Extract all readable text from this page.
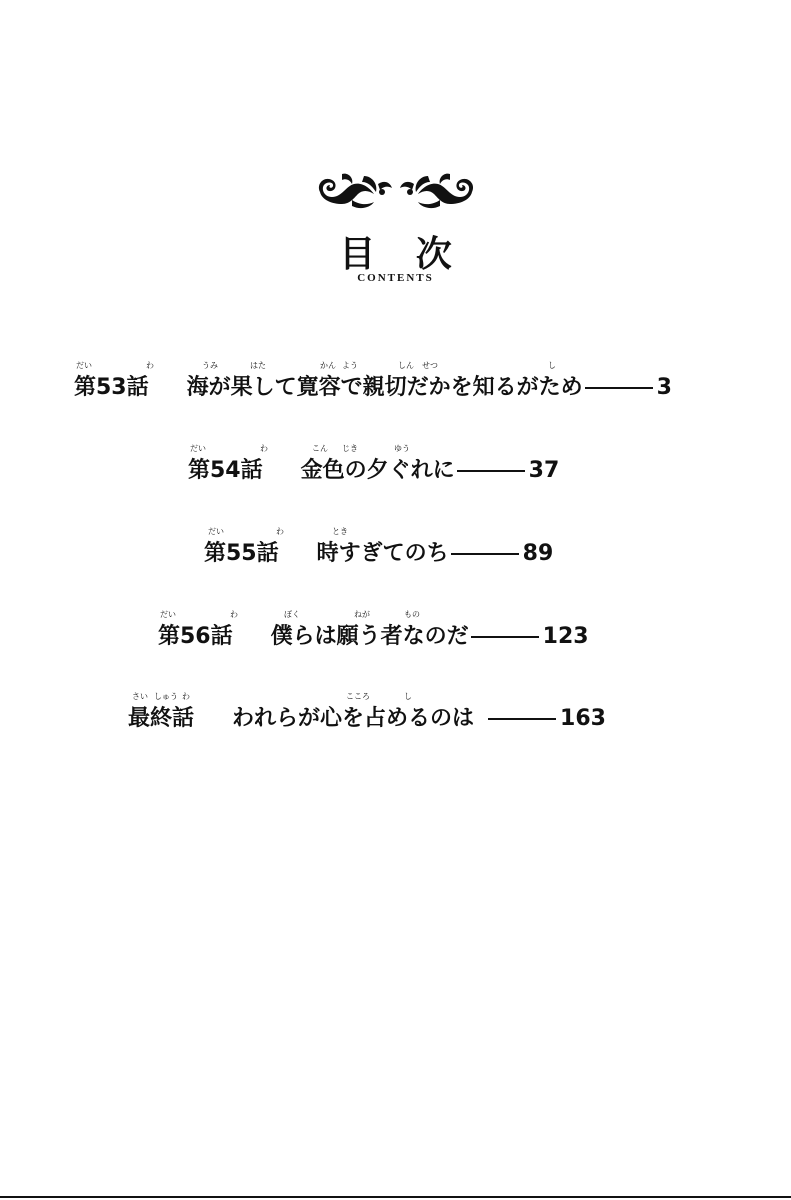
目 次
CONTENTS
だい	わ	うみ	はた	かん よう	しん せつ	し
第53話 海が果して寛容で親切だかを知るがため	3
だい	わ	こん じき	ゆう
第54話 金色の夕ぐれに	37
だい	わ	とき
第55話 時すぎてのち	89
だい	わ	ぼく	ねが	もの
第56話 僕らは願う者なのだ	123
さい しゅう わ	こころ	し
最終話 われらが心を占めるのは	163
